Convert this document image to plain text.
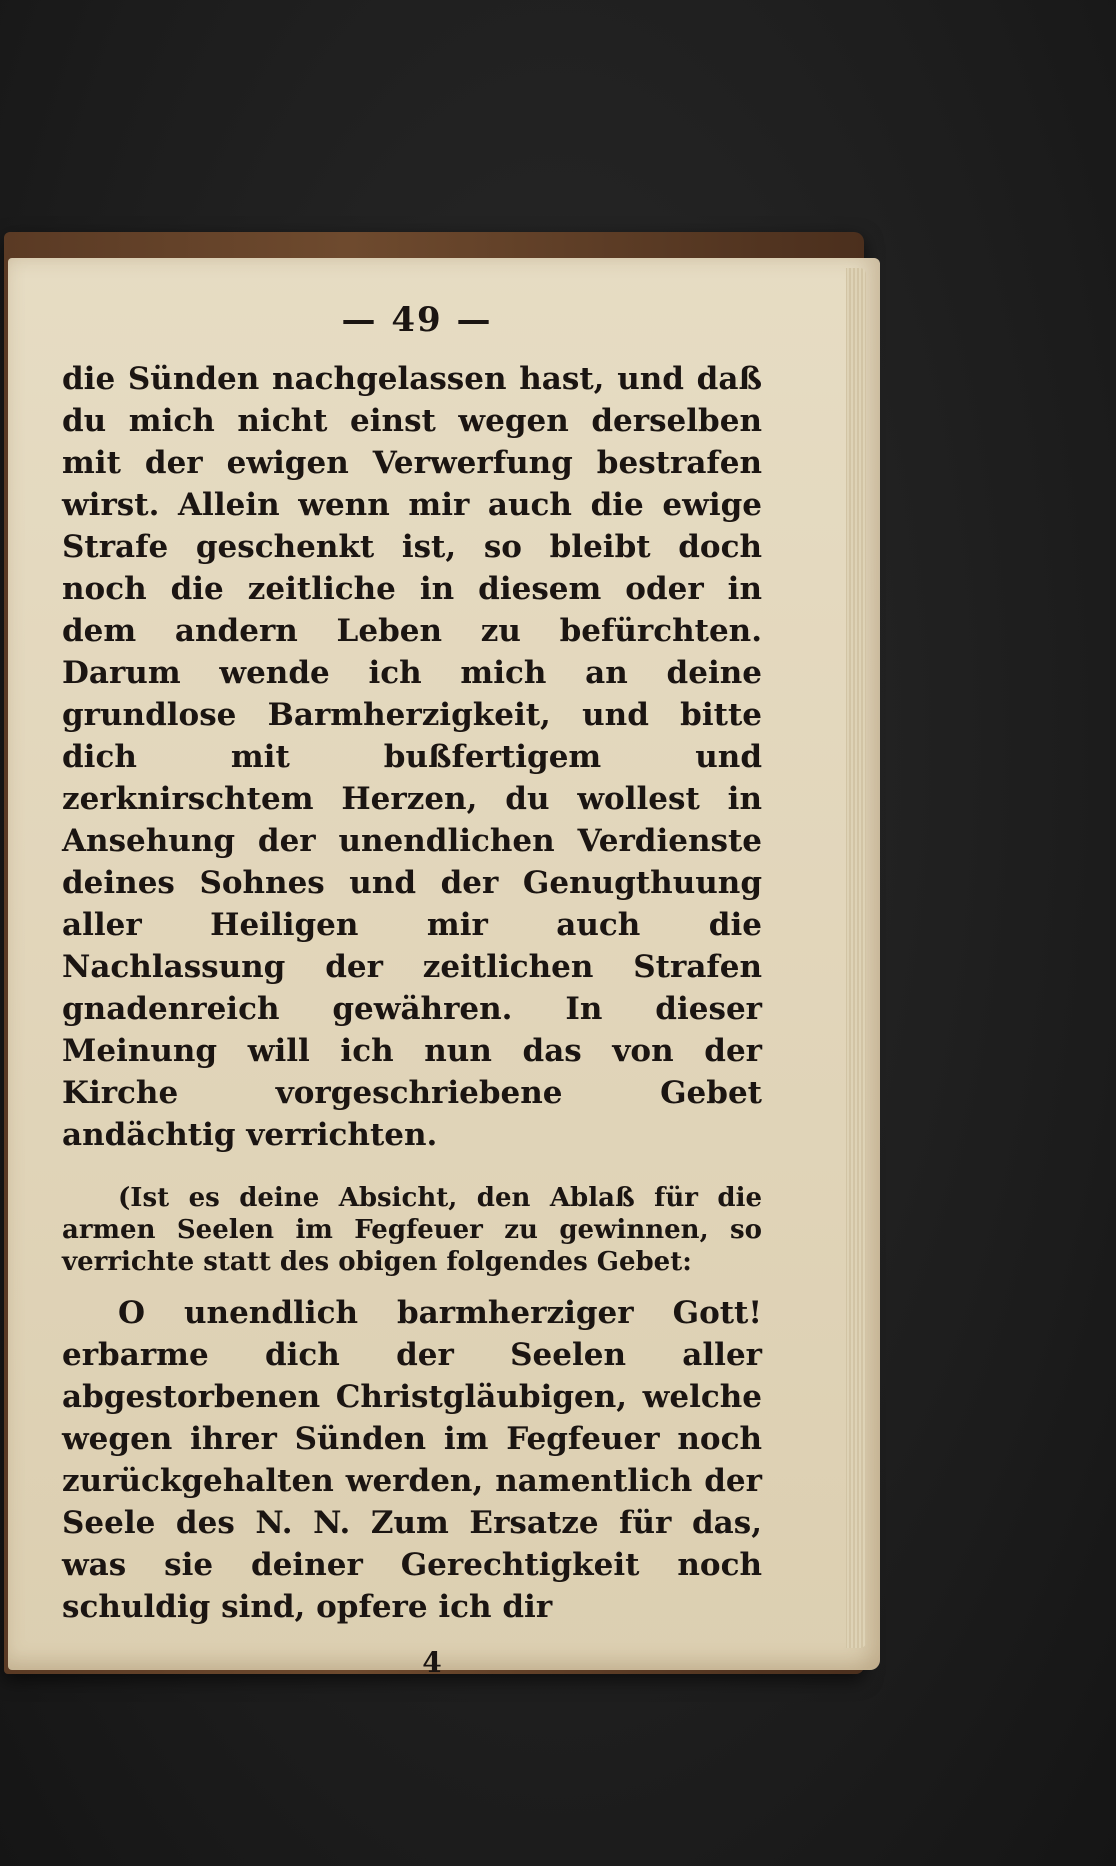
— 49 —

die Sünden nachgelassen hast, und daß du mich nicht einst wegen derselben mit der ewigen Verwerfung bestrafen wirst. Allein wenn mir auch die ewige Strafe geschenkt ist, so bleibt doch noch die zeitliche in diesem oder in dem andern Leben zu befürchten. Darum wende ich mich an deine grundlose Barmherzigkeit, und bitte dich mit bußfertigem und zerknirschtem Herzen, du wollest in Ansehung der unendlichen Verdienste deines Sohnes und der Genugthuung aller Heiligen mir auch die Nachlassung der zeitlichen Strafen gnadenreich gewähren. In dieser Meinung will ich nun das von der Kirche vorgeschriebene Gebet andächtig verrichten.

(Ist es deine Absicht, den Ablaß für die armen Seelen im Fegfeuer zu gewinnen, so verrichte statt des obigen folgendes Gebet:

O unendlich barmherziger Gott! erbarme dich der Seelen aller abgestorbenen Christgläubigen, welche wegen ihrer Sünden im Fegfeuer noch zurückgehalten werden, namentlich der Seele des N. N. Zum Ersatze für das, was sie deiner Gerechtigkeit noch schuldig sind, opfere ich dir

4
